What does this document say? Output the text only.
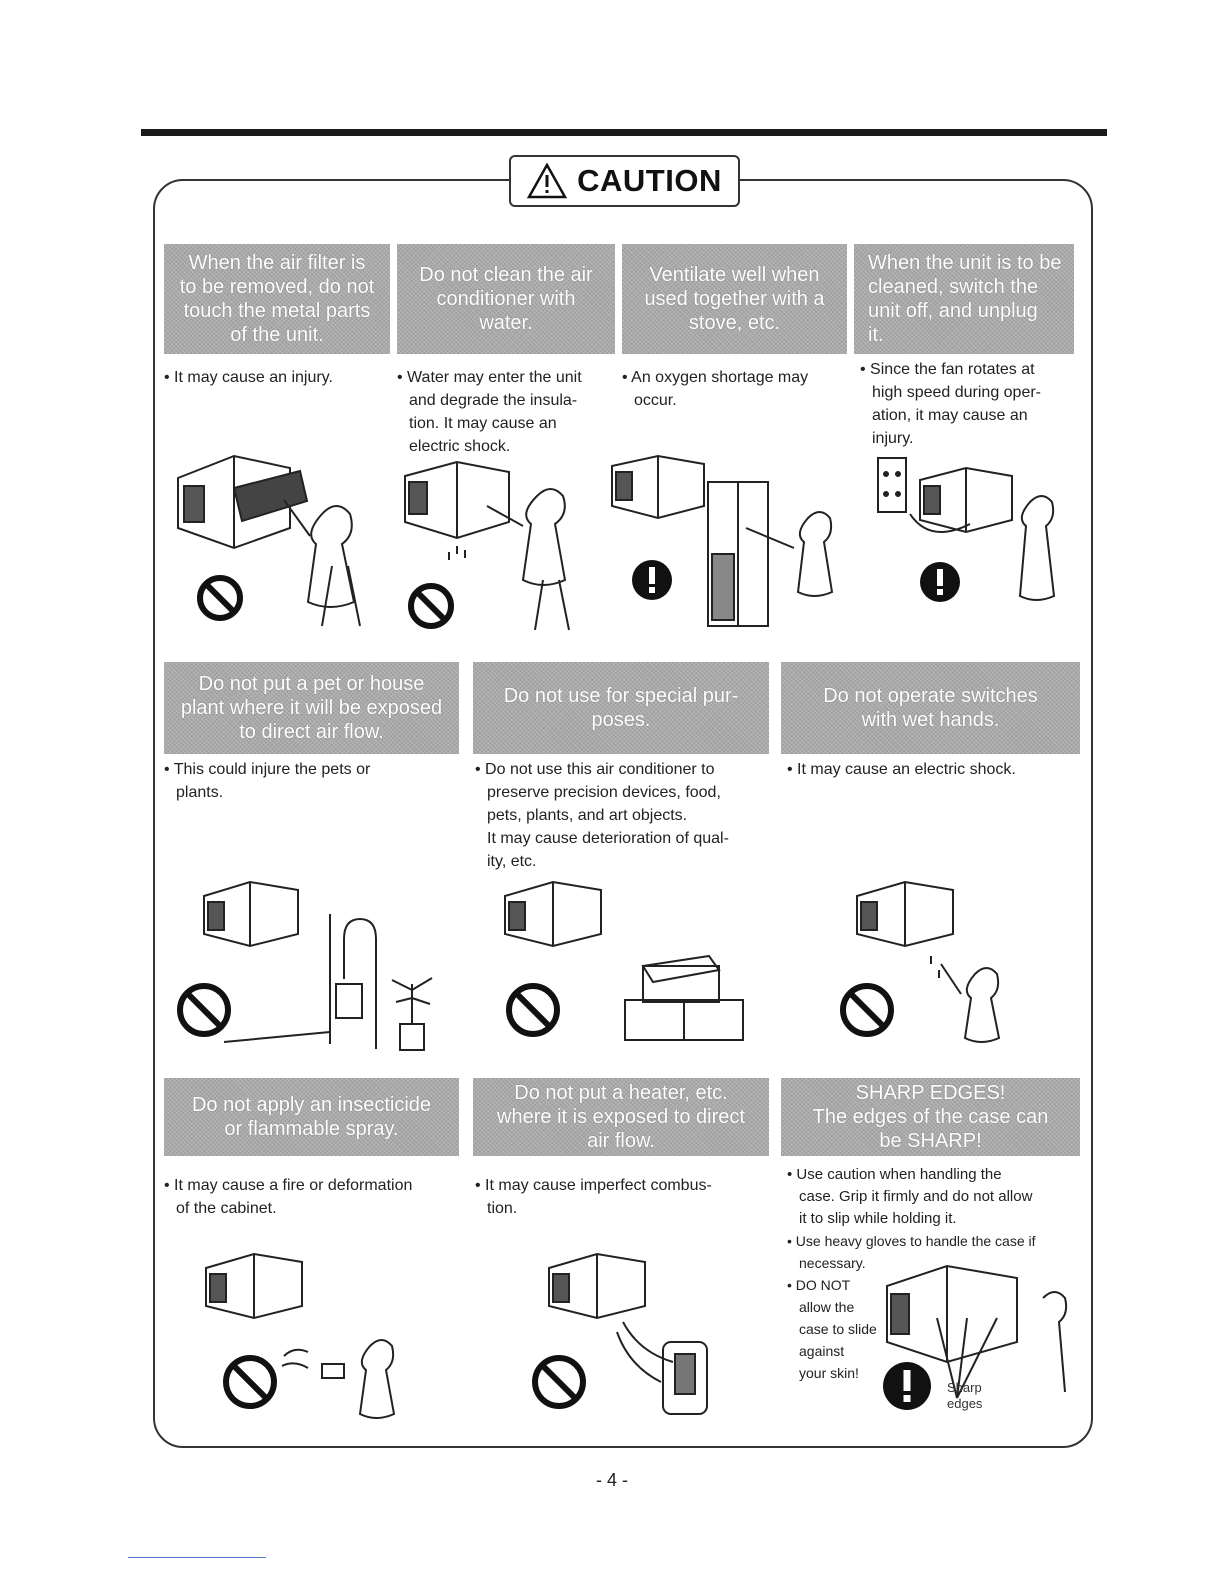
CAUTION
When the air filter is
to be removed, do not
touch the metal parts
of the unit.
• It may cause an injury.
Do not clean the air
conditioner with
water.
• Water may enter the unit
and degrade the insula-
tion. It may cause an
electric shock.
Ventilate well when
used together with a
stove, etc.
• An oxygen shortage may
occur.
When the unit is to be
cleaned, switch the
unit off, and unplug
it.
• Since the fan rotates at
high speed during oper-
ation, it may cause an
injury.
Do not put a pet or house
plant where it will be exposed
to direct air flow.
• This could injure the pets or
plants.
Do not use for special pur-
poses.
• Do not use this air conditioner to
preserve precision devices, food,
pets, plants, and art objects.
It may cause deterioration of qual-
ity, etc.
Do not operate switches
with wet hands.
• It may cause an electric shock.
Do not apply an insecticide
or flammable spray.
• It may cause a fire or deformation
of the cabinet.
Do not put a heater, etc.
where it is exposed to direct
air flow.
• It may cause imperfect combus-
tion.
SHARP EDGES!
The edges of the case can
be SHARP!
• Use caution when handling the
case. Grip it firmly and do not allow
it to slip while holding it.
• Use heavy gloves to handle the case if
necessary.
• DO NOT
allow the
case to slide
against
your skin!
Sharp
edges
- 4 -
